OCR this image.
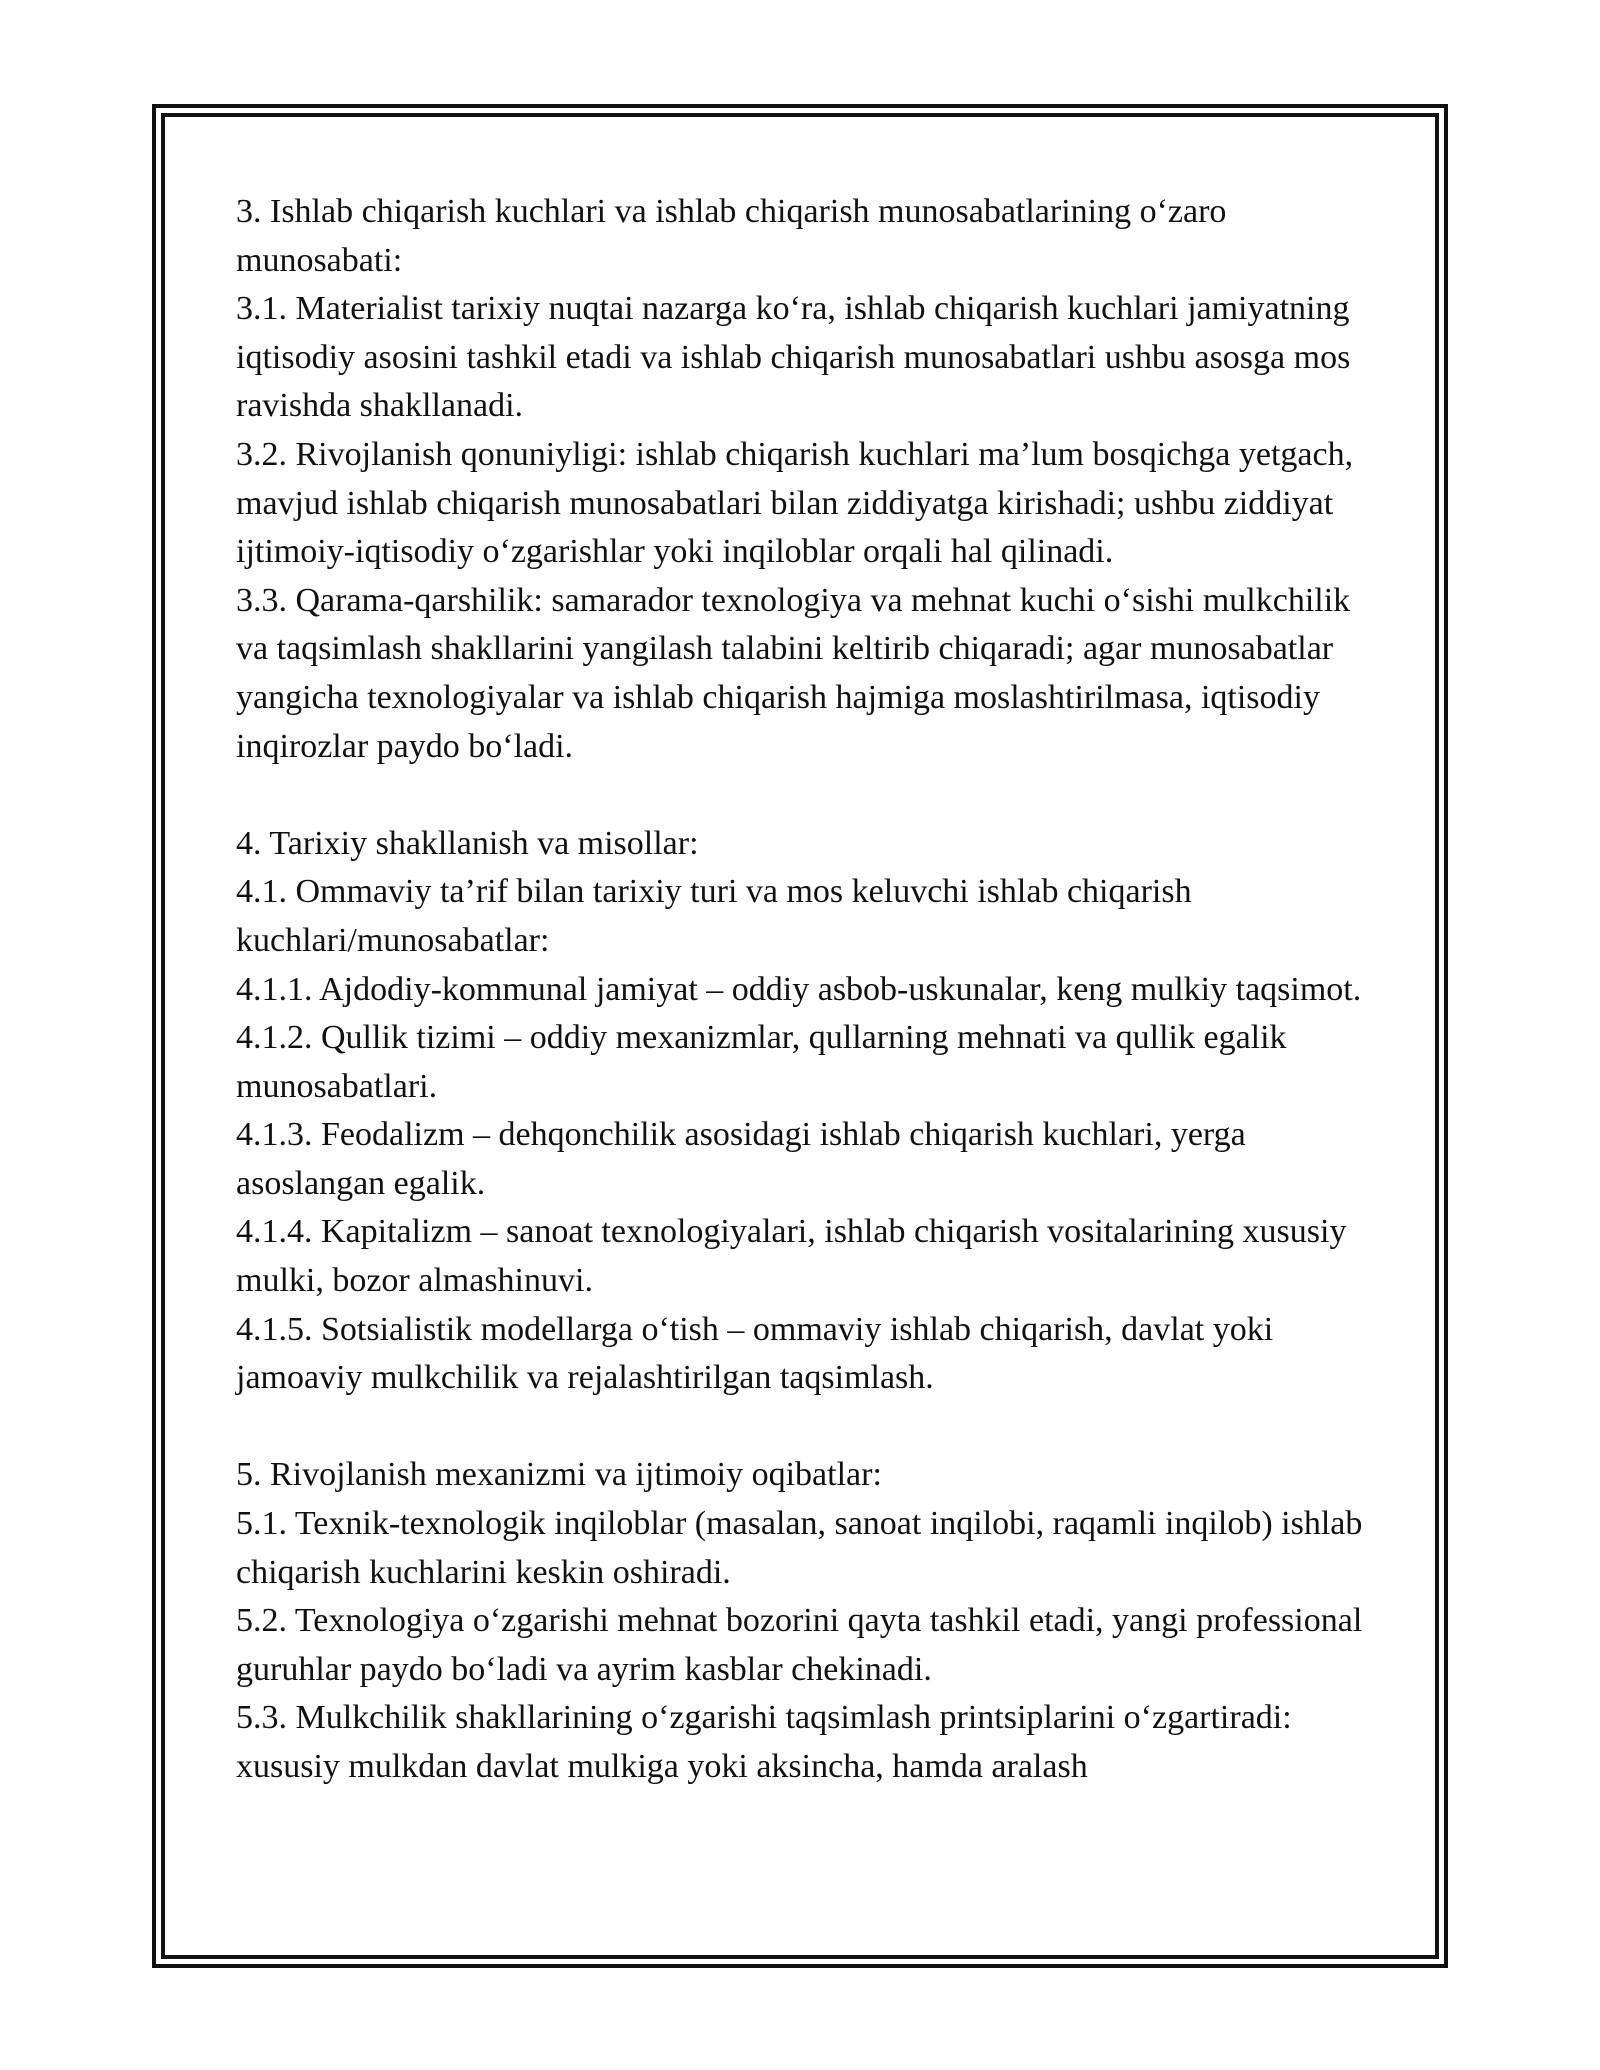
3. Ishlab chiqarish kuchlari va ishlab chiqarish munosabatlarining o‘zaro munosabati:

3.1. Materialist tarixiy nuqtai nazarga ko‘ra, ishlab chiqarish kuchlari jamiyatning iqtisodiy asosini tashkil etadi va ishlab chiqarish munosabatlari ushbu asosga mos ravishda shakllanadi.

3.2. Rivojlanish qonuniyligi: ishlab chiqarish kuchlari ma’lum bosqichga yetgach, mavjud ishlab chiqarish munosabatlari bilan ziddiyatga kirishadi; ushbu ziddiyat ijtimoiy-iqtisodiy o‘zgarishlar yoki inqiloblar orqali hal qilinadi.

3.3. Qarama-qarshilik: samarador texnologiya va mehnat kuchi o‘sishi mulkchilik va taqsimlash shakllarini yangilash talabini keltirib chiqaradi; agar munosabatlar yangicha texnologiyalar va ishlab chiqarish hajmiga moslashtirilmasa, iqtisodiy inqirozlar paydo bo‘ladi.

4. Tarixiy shakllanish va misollar:

4.1. Ommaviy ta’rif bilan tarixiy turi va mos keluvchi ishlab chiqarish kuchlari/munosabatlar:

4.1.1. Ajdodiy-kommunal jamiyat – oddiy asbob-uskunalar, keng mulkiy taqsimot.

4.1.2. Qullik tizimi – oddiy mexanizmlar, qullarning mehnati va qullik egalik munosabatlari.

4.1.3. Feodalizm – dehqonchilik asosidagi ishlab chiqarish kuchlari, yerga asoslangan egalik.

4.1.4. Kapitalizm – sanoat texnologiyalari, ishlab chiqarish vositalarining xususiy mulki, bozor almashinuvi.

4.1.5. Sotsialistik modellarga o‘tish – ommaviy ishlab chiqarish, davlat yoki jamoaviy mulkchilik va rejalashtirilgan taqsimlash.

5. Rivojlanish mexanizmi va ijtimoiy oqibatlar:

5.1. Texnik-texnologik inqiloblar (masalan, sanoat inqilobi, raqamli inqilob) ishlab chiqarish kuchlarini keskin oshiradi.

5.2. Texnologiya o‘zgarishi mehnat bozorini qayta tashkil etadi, yangi professional guruhlar paydo bo‘ladi va ayrim kasblar chekinadi.

5.3. Mulkchilik shakllarining o‘zgarishi taqsimlash printsiplarini o‘zgartiradi: xususiy mulkdan davlat mulkiga yoki aksincha, hamda aralash
